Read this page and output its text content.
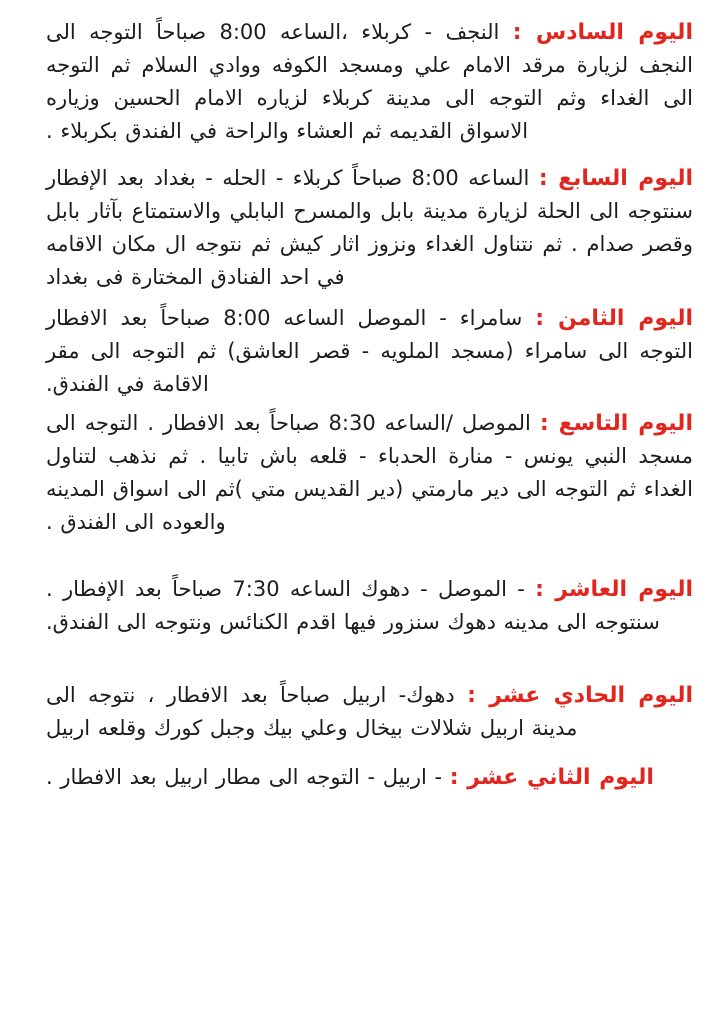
اليوم السادس : النجف - كربلاء ،الساعه 8:00 صباحاً التوجه الى النجف لزيارة مرقد الامام علي ومسجد الكوفه ووادي السلام ثم التوجه الى الغداء وثم التوجه الى مدينة كربلاء لزياره الامام الحسين وزياره الاسواق القديمه ثم العشاء والراحة في الفندق بكربلاء .

اليوم السابع : الساعه 8:00 صباحاً كربلاء - الحله - بغداد بعد الإفطار سنتوجه الى الحلة لزيارة مدينة بابل والمسرح البابلي والاستمتاع بآثار بابل وقصر صدام . ثم نتناول الغداء ونزوز اثار كيش ثم نتوجه ال مكان الاقامه في احد الفنادق المختارة فى بغداد

اليوم الثامن : سامراء - الموصل الساعه 8:00 صباحاً بعد الافطار التوجه الى سامراء (مسجد الملويه - قصر العاشق) ثم التوجه الى مقر الاقامة في الفندق.

اليوم التاسع : الموصل /الساعه 8:30 صباحاً بعد الافطار . التوجه الى مسجد النبي يونس - منارة الحدباء - قلعه باش تابيا . ثم نذهب لتناول الغداء ثم التوجه الى دير مارمتي (دير القديس متي )ثم الى اسواق المدينه والعوده الى الفندق .

اليوم العاشر : - الموصل - دهوك الساعه 7:30 صباحاً بعد الإفطار . سنتوجه الى مدينه دهوك سنزور فيها اقدم الكنائس ونتوجه الى الفندق.

اليوم الحادي عشر : دهوك- اربيل صباحاً بعد الافطار ، نتوجه الى مدينة اربيل شلالات بيخال وعلي بيك وجبل كورك وقلعه اربيل

اليوم الثاني عشر : - اربيل - التوجه الى مطار اربيل بعد الافطار .
